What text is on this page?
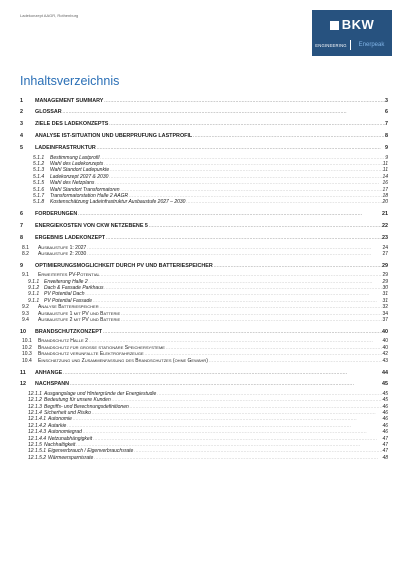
Ladekonzept AAGR, Rothenburg
BKW
ENGINEERING	Enerpeak
Inhaltsverzeichnis
1	MANAGEMENT SUMMARY . . .	3
2	GLOSSAR . . .	6
3	ZIELE DES LADEKONZEPTS . . .	7
4	ANALYSE IST-SITUATION UND ÜBERPRÜFUNG LASTPROFIL . . .	8
5	LADEINFRASTRUKTUR . . .	9
5.1.1	Bestimmung Lastprofil . . .	9
5.1.2	Wahl des Ladekonzepts . . .	11
5.1.3	Wahl Standort Ladepunkte . . .	11
5.1.4	Ladekonzept 2027 & 2030 . . .	14
5.1.5	Wahl des Netzplans . . .	16
5.1.6	Wahl Standort Transformatoren . . .	17
5.1.7	Transformatorstation Halle 2 AAGR . . .	18
5.1.8	Kostenschätzung Ladeinfrastruktur Ausbaustufe 2027 – 2030 . . .	20
6	FÖRDERUNGEN . . .	21
7	ENERGIEKOSTEN VON CKW NETZEBENE 5 . . .	22
8	ERGEBNIS LADEKONZEPT . . .	23
8.1	Ausbaustufe 1: 2027 . . .	24
8.2	Ausbaustufe 2: 2030 . . .	27
9	OPTIMIERUNGSMÖGLICHKEIT DURCH PV UND BATTERIESPEICHER . . .	29
9.1	Erweitertes PV-Potential . . .	29
9.1.1 Erweiterung Halle 2 . . .	29
9.1.2 Dach & Fassade Parkhaus . . .	30
9.1.1 PV Potential Dach . . .	31
9.1.1 PV Potential Fassade . . .	31
9.2	Analyse Batteriespeicher . . .	32
9.3	Ausbaustufe 1 mit PV und Batterie . . .	34
9.4	Ausbaustufe 2 mit PV und Batterie . . .	37
10	BRANDSCHUTZKONZEPT . . .	40
10.1	Brandschutz Halle 2 . . .	40
10.2	Brandschutz für grosse stationäre Speichersysteme . . .	40
10.3	Brandschutz verunfallte Elektrofahrzeuge . . .	42
10.4	Einschätzung und Zusammenfassung des Brandschutzes (ohne Gewähr) . . .	43
11	ANHÄNGE . . .	44
12	NACHSPANN . . .	45
12.1.1 Ausgangslage und Hintergründe der Energiestudie . . .	45
12.1.2 Bedeutung für unsere Kunden . . .	45
12.1.3 Begriffs- und Berechnungsdefinitionen . . .	46
12.1.4 Sicherheit und Risiko . . .	46
12.1.4.1 Autonomie . . .	46
12.1.4.2 Autarkie . . .	46
12.1.4.3 Autonomiegrad . . .	46
12.1.4.4 Netzunabhängigkeit . . .	47
12.1.5 Nachhaltigkeit . . .	47
12.1.5.1 Eigenverbrauch / Eigenverbrauchsrate . . .	47
12.1.5.2 Wärmeersparnisrate . . .	48
